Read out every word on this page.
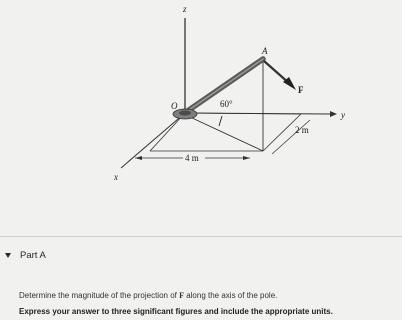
z
y
x
A
O
F
60°
2 m
4 m
Part A
Determine the magnitude of the projection of F along the axis of the pole.
Express your answer to three significant figures and include the appropriate units.
